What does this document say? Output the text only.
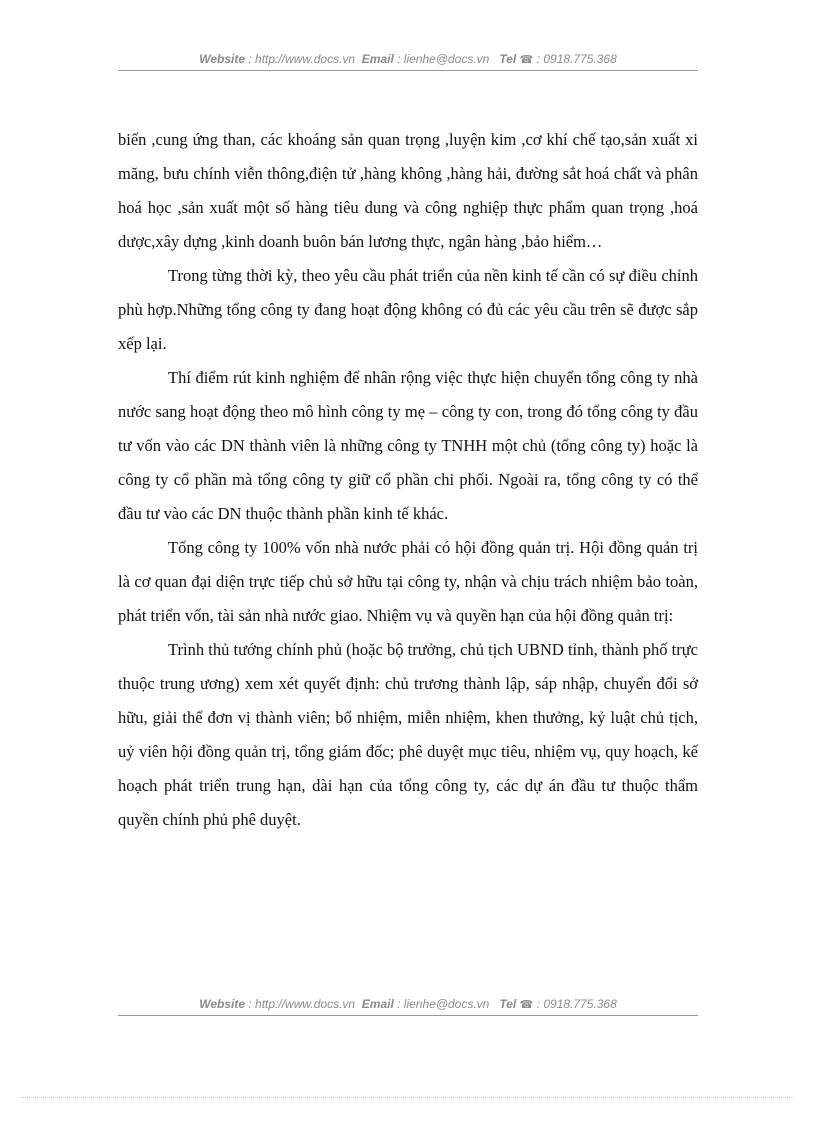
Website : http://www.docs.vn Email : lienhe@docs.vn Tel ☎ : 0918.775.368

biến ,cung ứng than, các khoáng sản quan trọng ,luyện kim ,cơ khí chế tạo,sản xuất xi măng, bưu chính viễn thông,điện tử ,hàng không ,hàng hải, đường sắt hoá chất và phân hoá học ,sản xuất một số hàng tiêu dung và công nghiệp thực phẩm quan trọng ,hoá dược,xây dựng ,kinh doanh buôn bán lương thực, ngân hàng ,bảo hiểm…

Trong từng thời kỳ, theo yêu cầu phát triển của nền kinh tế cần có sự điều chỉnh phù hợp.Những tổng công ty đang hoạt động không có đủ các yêu cầu trên sẽ được sắp xếp lại.

Thí điểm rút kinh nghiệm để nhân rộng việc thực hiện chuyển tổng công ty nhà nước sang hoạt động theo mô hình công ty mẹ – công ty con, trong đó tổng công ty đầu tư vốn vào các DN thành viên là những công ty TNHH một chủ (tổng công ty) hoặc là công ty cổ phần mà tổng công ty giữ cổ phần chi phối. Ngoài ra, tổng công ty có thể đầu tư vào các DN thuộc thành phần kinh tế khác.

Tổng công ty 100% vốn nhà nước phải có hội đồng quản trị. Hội đồng quản trị là cơ quan đại diện trực tiếp chủ sở hữu tại công ty, nhận và chịu trách nhiệm bảo toàn, phát triển vốn, tài sản nhà nước giao. Nhiệm vụ và quyền hạn của hội đồng quản trị:

Trình thủ tướng chính phủ (hoặc bộ trưởng, chủ tịch UBND tỉnh, thành phố trực thuộc trung ương) xem xét quyết định: chủ trương thành lập, sáp nhập, chuyển đổi sở hữu, giải thể đơn vị thành viên; bổ nhiệm, miễn nhiệm, khen thưởng, kỷ luật chủ tịch, uỷ viên hội đồng quản trị, tổng giám đốc; phê duyệt mục tiêu, nhiệm vụ, quy hoạch, kế hoạch phát triển trung hạn, dài hạn của tổng công ty, các dự án đầu tư thuộc thẩm quyền chính phủ phê duyệt.

Website : http://www.docs.vn Email : lienhe@docs.vn Tel ☎ : 0918.775.368
